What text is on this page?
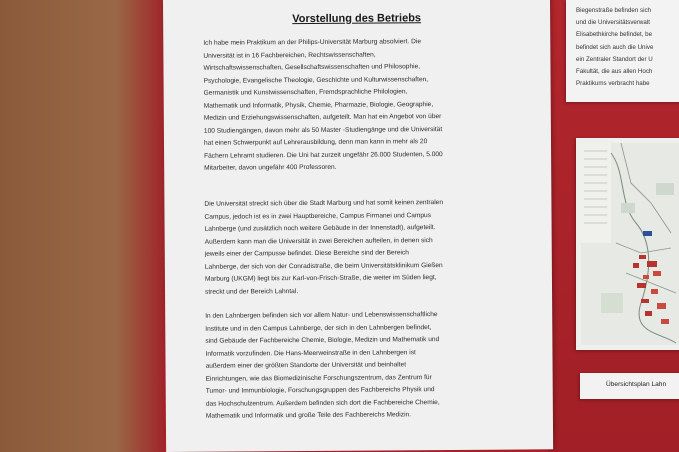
Vorstellung des Betriebs
Ich habe mein Praktikum an der Philips-Universität Marburg absolviert. Die
Universität ist in 16 Fachbereichen, Rechtswissenschaften,
Wirtschaftswissenschaften, Gesellschaftswissenschaften und Philosophie,
Psychologie, Evangelische Theologie, Geschichte und Kulturwissenschaften,
Germanistik und Kunstwissenschaften, Fremdsprachliche Philologien,
Mathematik und Informatik, Physik, Chemie, Pharmazie, Biologie, Geographie,
Medizin und Erziehungswissenschaften, aufgeteilt. Man hat ein Angebot von über
100 Studiengängen, davon mehr als 50 Master -Studiengänge und die Universität
hat einen Schwerpunkt auf Lehrerausbildung, denn man kann in mehr als 20
Fächern Lehramt studieren. Die Uni hat zurzeit ungefähr 26.000 Studenten, 5.000
Mitarbeiter, davon ungefähr 400 Professoren.
Die Universität streckt sich über die Stadt Marburg und hat somit keinen zentralen
Campus, jedoch ist es in zwei Hauptbereiche, Campus Firmanei und Campus
Lahnberge (und zusätzlich noch weitere Gebäude in der Innenstadt), aufgeteilt.
Außerdem kann man die Universität in zwei Bereichen aufteilen, in denen sich
jeweils einer der Campusse befindet. Diese Bereiche sind der Bereich
Lahnberge, der sich von der Conradistraße, die beim Universitätsklinikum Gießen
Marburg (UKGM) liegt bis zur Karl-von-Frisch-Straße, die weiter im Süden liegt,
streckt und der Bereich Lahntal.
In den Lahnbergen befinden sich vor allem Natur- und Lebenswissenschaftliche
Institute und in den Campus Lahnberge, der sich in den Lahnbergen befindet,
sind Gebäude der Fachbereiche Chemie, Biologie, Medizin und Mathematik und
Informatik vorzufinden. Die Hans-Meerweinstraße in den Lahnbergen ist
außerdem einer der größten Standorte der Universität und beinhaltet
Einrichtungen, wie das Biomedizinische Forschungszentrum, das Zentrum für
Tumor- und Immunbiologie, Forschungsgruppen des Fachbereichs Physik und
das Hochschulzentrum. Außerdem befinden sich dort die Fachbereiche Chemie,
Mathematik und Informatik und große Teile des Fachbereichs Medizin.
Biegenstraße befinden sich
und die Universitätsverwalt
Elisabethkirche befindet, be
befindet sich auch die Unive
ein Zentraler Standort der U
Fakultät, die aus allen Hoch
Praktikums verbracht habe
Übersichtsplan Lahn
